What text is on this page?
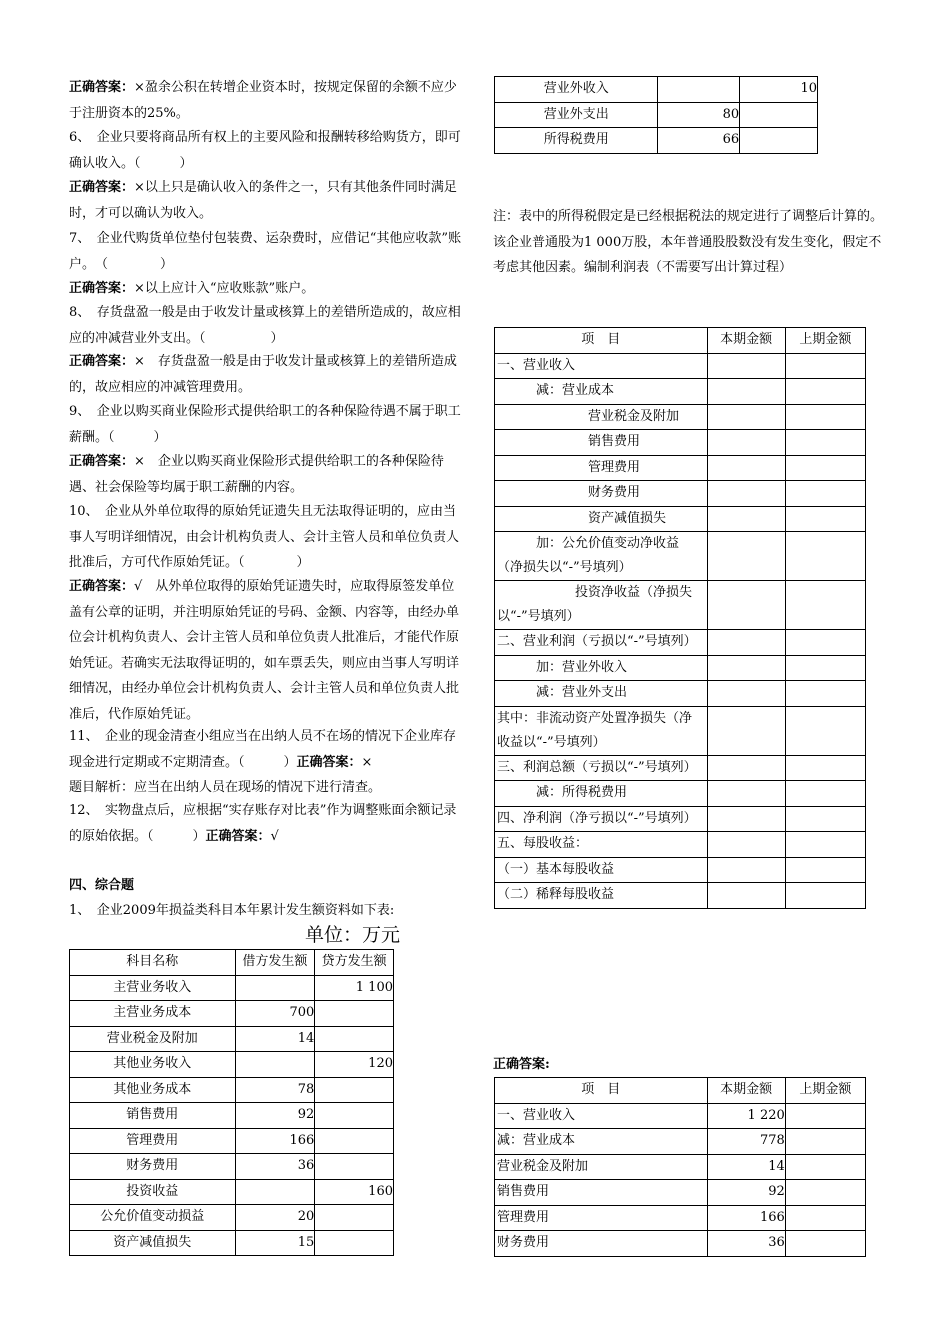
正确答案：×盈余公积在转增企业资本时，按规定保留的余额不应少于注册资本的25%。
6、　企业只要将商品所有权上的主要风险和报酬转移给购货方，即可确认收入。（　　　）
正确答案：×以上只是确认收入的条件之一，只有其他条件同时满足时，才可以确认为收入。
7、　企业代购货单位垫付包装费、运杂费时，应借记“其他应收款”账户。　（　　　　）
正确答案：×以上应计入“应收账款”账户。
8、　存货盘盈一般是由于收发计量或核算上的差错所造成的，故应相应的冲减营业外支出。（　　　　　）
正确答案：×　存货盘盈一般是由于收发计量或核算上的差错所造成的，故应相应的冲减管理费用。
9、　企业以购买商业保险形式提供给职工的各种保险待遇不属于职工薪酬。（　　　）
正确答案：×　企业以购买商业保险形式提供给职工的各种保险待遇、社会保险等均属于职工薪酬的内容。
10、　企业从外单位取得的原始凭证遗失且无法取得证明的，应由当事人写明详细情况，由会计机构负责人、会计主管人员和单位负责人批准后，方可代作原始凭证。（　　　　）
正确答案：√　从外单位取得的原始凭证遗失时，应取得原签发单位盖有公章的证明，并注明原始凭证的号码、金额、内容等，由经办单位会计机构负责人、会计主管人员和单位负责人批准后，才能代作原始凭证。若确实无法取得证明的，如车票丢失，则应由当事人写明详细情况，由经办单位会计机构负责人、会计主管人员和单位负责人批准后，代作原始凭证。
11、　企业的现金清查小组应当在出纳人员不在场的情况下企业库存现金进行定期或不定期清查。（　　　）正确答案：×
题目解析：应当在出纳人员在现场的情况下进行清查。
12、　实物盘点后，应根据“实存账存对比表”作为调整账面余额记录的原始依据。（　　　）正确答案：√
四、综合题
1、　企业2009年损益类科目本年累计发生额资料如下表:
单位：万元
科目名称	借方发生额	贷方发生额
主营业务收入		1 100
主营业务成本	700	
营业税金及附加	14	
其他业务收入		120
其他业务成本	78	
销售费用	92	
管理费用	166	
财务费用	36	
投资收益		160
公允价值变动损益	20	
资产减值损失	15	
营业外收入		10
营业外支出	80	
所得税费用	66	
注：表中的所得税假定是已经根据税法的规定进行了调整后计算的。该企业普通股为1 000万股，本年普通股股数没有发生变化，假定不考虑其他因素。编制利润表（不需要写出计算过程）
项　目	本期金额	上期金额
一、营业收入		
　　　减：营业成本		
　　　　　　　营业税金及附加		
　　　　　　　销售费用		
　　　　　　　管理费用		
　　　　　　　财务费用		
　　　　　　　资产减值损失		
　　　加：公允价值变动净收益（净损失以“-”号填列）		
　　　　　　投资净收益（净损失以“-”号填列）		
二、营业利润（亏损以“-”号填列）		
　　　加：营业外收入		
　　　减：营业外支出		
其中：非流动资产处置净损失（净收益以“-”号填列）		
三、利润总额（亏损以“-”号填列）		
　　　减：所得税费用		
四、净利润（净亏损以“-”号填列）		
五、每股收益：		
（一）基本每股收益		
（二）稀释每股收益		
正确答案:
项　目	本期金额	上期金额
一、营业收入	1 220	
减：营业成本	778	
营业税金及附加	14	
销售费用	92	
管理费用	166	
财务费用	36	
